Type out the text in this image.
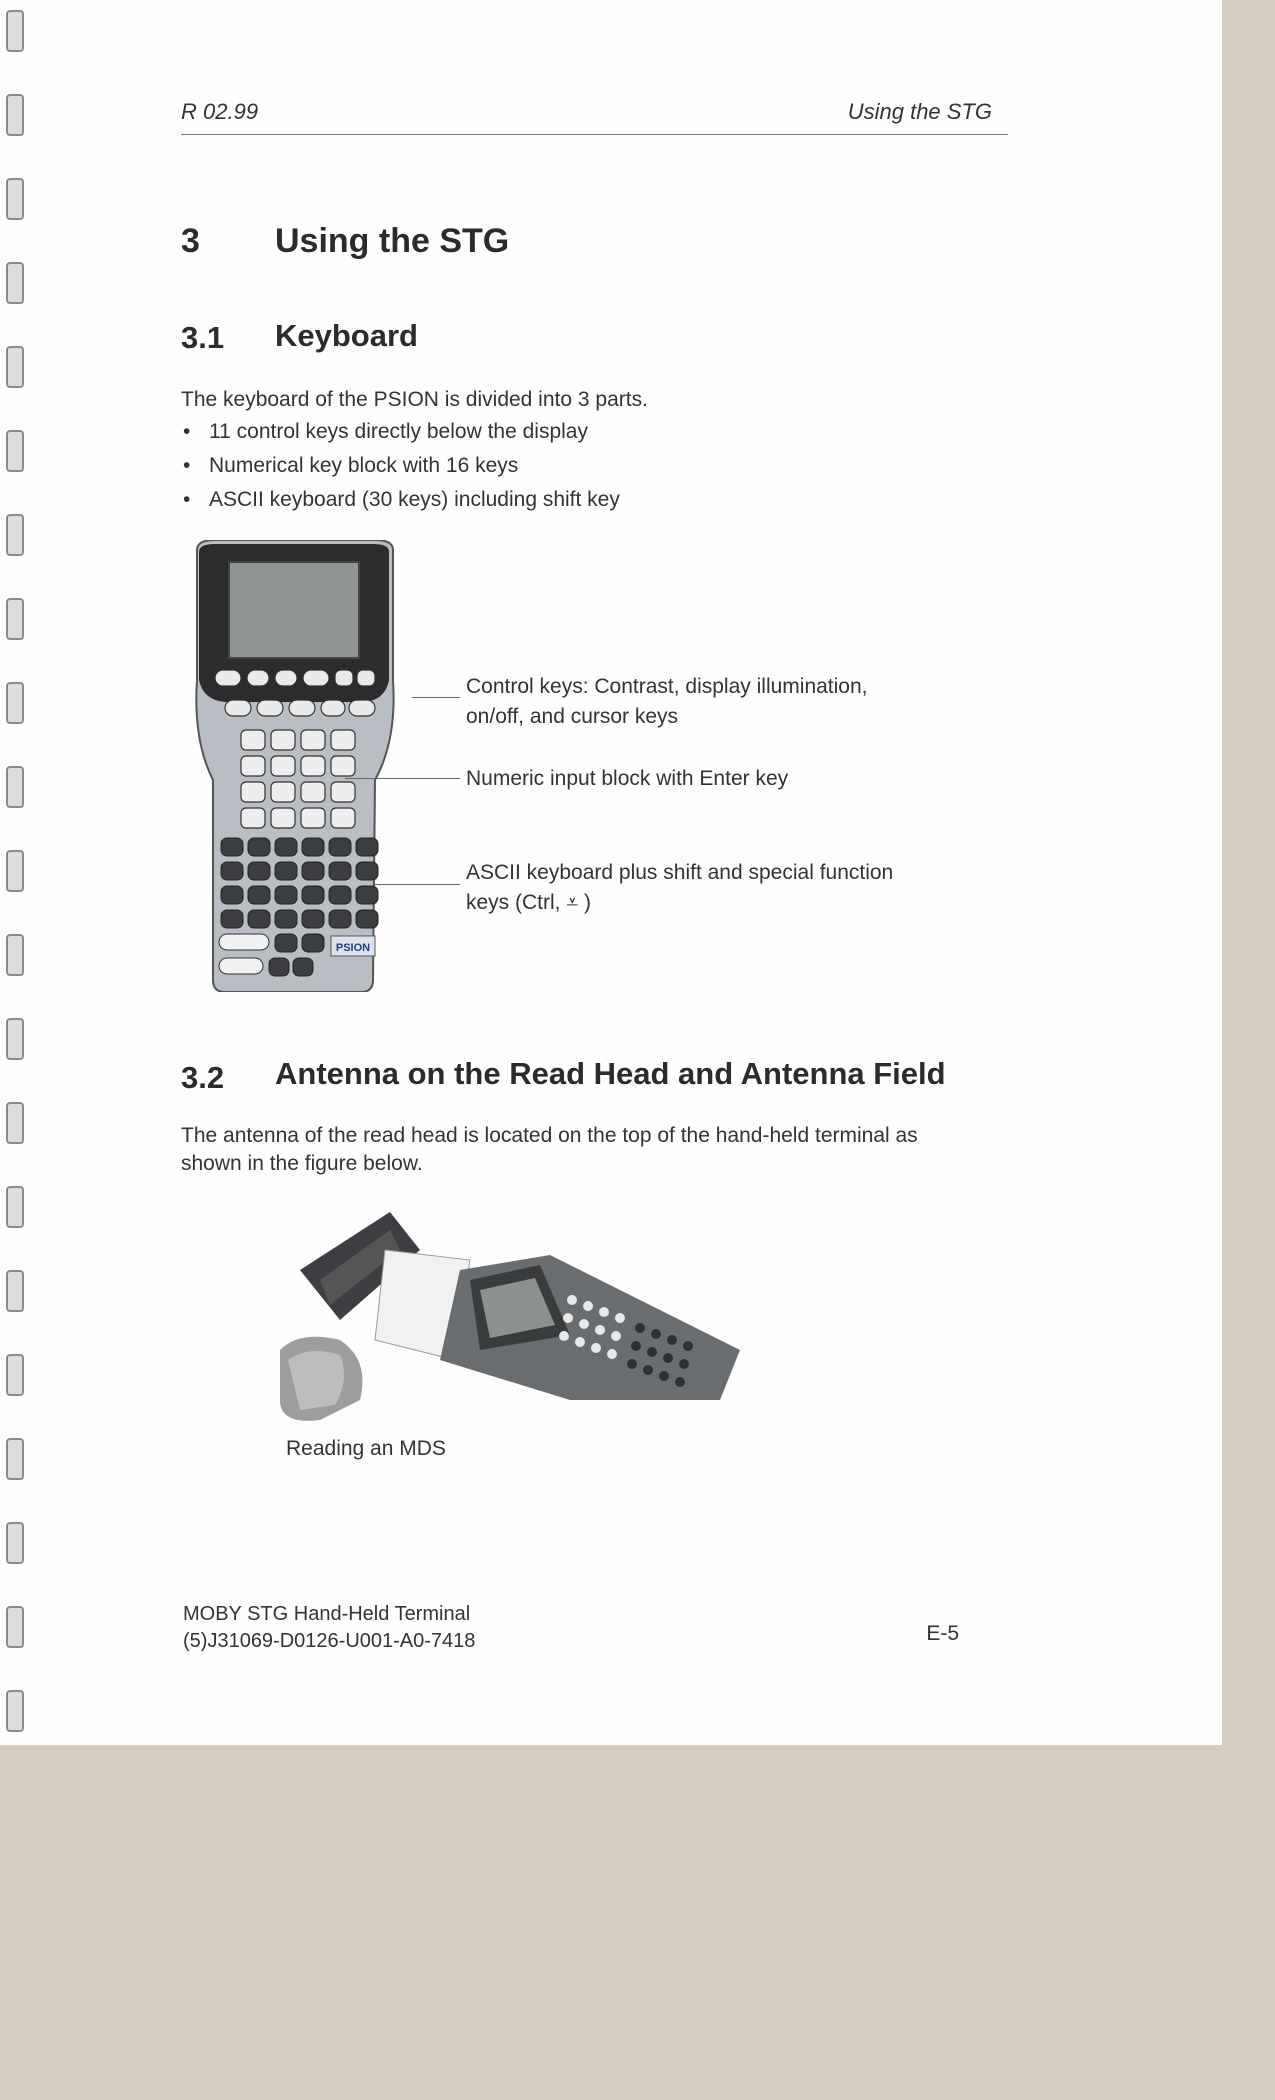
R 02.99	Using the STG
3 Using the STG
3.1 Keyboard
The keyboard of the PSION is divided into 3 parts.
• 11 control keys directly below the display
• Numerical key block with 16 keys
• ASCII keyboard (30 keys) including shift key
PSION
Control keys: Contrast, display illumination,
on/off, and cursor keys
Numeric input block with Enter key
ASCII keyboard plus shift and special function
keys (Ctrl, ⩡ )
3.2 Antenna on the Read Head and Antenna Field
The antenna of the read head is located on the top of the hand-held terminal as
shown in the figure below.
Reading an MDS
MOBY STG Hand-Held Terminal
(5)J31069-D0126-U001-A0-7418	E-5
